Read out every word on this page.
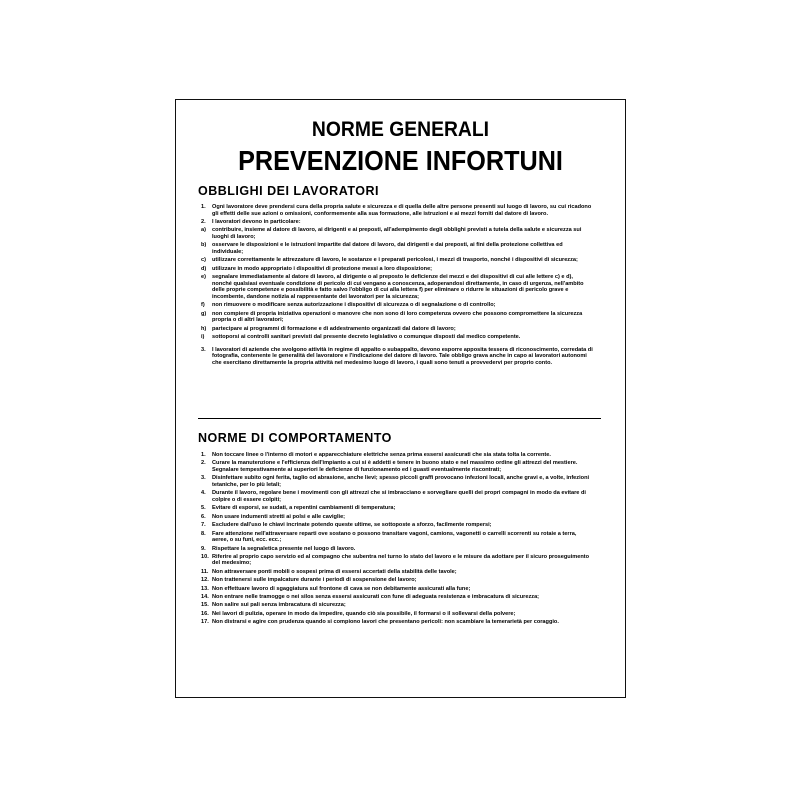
NORME GENERALI
PREVENZIONE INFORTUNI
OBBLIGHI DEI LAVORATORI
1.	Ogni lavoratore deve prendersi cura della propria salute e sicurezza e di quella delle altre persone presenti sul luogo di lavoro, su cui ricadono gli effetti delle sue azioni o omissioni, conformemente alla sua formazione, alle istruzioni e ai mezzi forniti dal datore di lavoro.
2.	I lavoratori devono in particolare:
a)	contribuire, insieme al datore di lavoro, ai dirigenti e ai preposti, all'adempimento degli obblighi previsti a tutela della salute e sicurezza sui luoghi di lavoro;
b)	osservare le disposizioni e le istruzioni impartite dal datore di lavoro, dai dirigenti e dai preposti, ai fini della protezione collettiva ed individuale;
c)	utilizzare correttamente le attrezzature di lavoro, le sostanze e i preparati pericolosi, i mezzi di trasporto, nonché i dispositivi di sicurezza;
d)	utilizzare in modo appropriato i dispositivi di protezione messi a loro disposizione;
e)	segnalare immediatamente al datore di lavoro, al dirigente o al preposto le deficienze dei mezzi e dei dispositivi di cui alle lettere c) e d), nonché qualsiasi eventuale condizione di pericolo di cui vengano a conoscenza, adoperandosi direttamente, in caso di urgenza, nell'ambito delle proprie competenze e possibilità e fatto salvo l'obbligo di cui alla lettera f) per eliminare o ridurre le situazioni di pericolo grave e incombente, dandone notizia al rappresentante dei lavoratori per la sicurezza;
f)	non rimuovere o modificare senza autorizzazione i dispositivi di sicurezza o di segnalazione o di controllo;
g)	non compiere di propria iniziativa operazioni o manovre che non sono di loro competenza ovvero che possono compromettere la sicurezza propria o di altri lavoratori;
h)	partecipare ai programmi di formazione e di addestramento organizzati dal datore di lavoro;
i)	sottoporsi ai controlli sanitari previsti dal presente decreto legislativo o comunque disposti dal medico competente.
3.	I lavoratori di aziende che svolgono attività in regime di appalto o subappalto, devono esporre apposita tessera di riconoscimento, corredata di fotografia, contenente le generalità del lavoratore e l'indicazione del datore di lavoro. Tale obbligo grava anche in capo ai lavoratori autonomi che esercitano direttamente la propria attività nel medesimo luogo di lavoro, i quali sono tenuti a provvedervi per proprio conto.
NORME DI COMPORTAMENTO
1.	Non toccare linee o l'interno di motori e apparecchiature elettriche senza prima essersi assicurati che sia stata tolta la corrente.
2.	Curare la manutenzione e l'efficienza dell'impianto a cui si è addetti e tenere in buono stato e nel massimo ordine gli attrezzi del mestiere. Segnalare tempestivamente ai superiori le deficienze di funzionamento ed i guasti eventualmente riscontrati;
3.	Disinfettare subito ogni ferita, taglio od abrasione, anche lievi; spesso piccoli graffi provocano infezioni locali, anche gravi e, a volte, infezioni tetaniche, per lo più letali;
4.	Durante il lavoro, regolare bene i movimenti con gli attrezzi che si imbracciano e sorvegliare quelli dei propri compagni in modo da evitare di colpire o di essere colpiti;
5.	Evitare di esporsi, se sudati, a repentini cambiamenti di temperatura;
6.	Non usare indumenti stretti ai polsi e alle caviglie;
7.	Escludere dall'uso le chiavi incrinate potendo queste ultime, se sottoposte a sforzo, facilmente rompersi;
8.	Fare attenzione nell'attraversare reparti ove sostano o possono transitare vagoni, camions, vagonetti o carrelli scorrenti su rotaie a terra, aeree, o su funi, ecc. ecc.;
9.	Rispettare la segnaletica presente nel luogo di lavoro.
10. Riferire al proprio capo servizio ed al compagno che subentra nel turno lo stato del lavoro e le misure da adottare per il sicuro proseguimento del medesimo;
11. Non attraversare ponti mobili o sospesi prima di essersi accertati della stabilità delle tavole;
12. Non trattenersi sulle impalcature durante i periodi di sospensione del lavoro;
13. Non effettuare lavoro di sgaggiatura sul frontone di cava se non debitamente assicurati alla fune;
14. Non entrare nelle tramogge o nei silos senza essersi assicurati con fune di adeguata resistenza e imbracatura di sicurezza;
15. Non salire sui pali senza imbracatura di sicurezza;
16. Nei lavori di pulizia, operare in modo da impedire, quando ciò sia possibile, il formarsi o il sollevarsi della polvere;
17. Non distrarsi e agire con prudenza quando si compiono lavori che presentano pericoli: non scambiare la temerarietà per coraggio.
